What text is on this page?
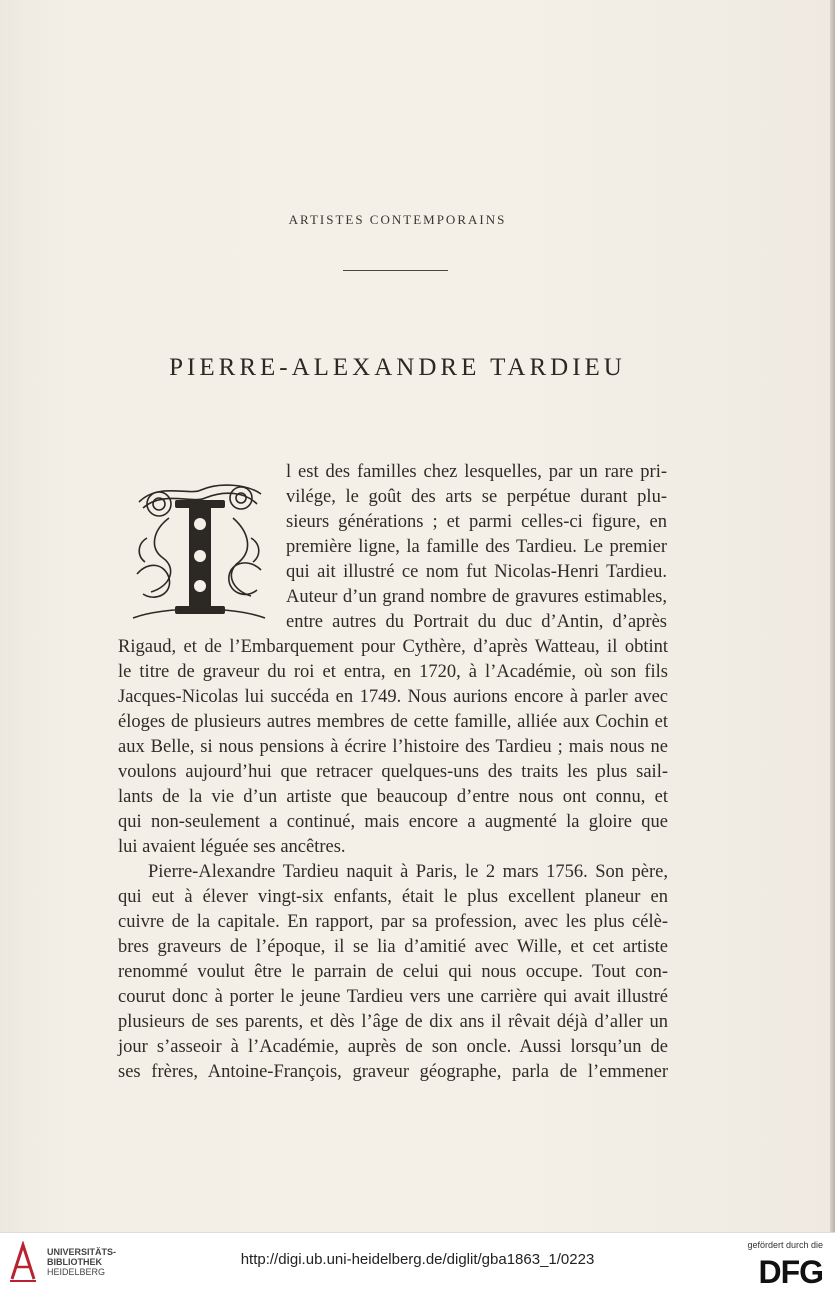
ARTISTES CONTEMPORAINS
PIERRE-ALEXANDRE TARDIEU
l est des familles chez lesquelles, par un rare pri-
vilége, le goût des arts se perpétue durant plu-
sieurs générations ; et parmi celles-ci figure, en
première ligne, la famille des Tardieu. Le premier
qui ait illustré ce nom fut Nicolas-Henri Tardieu.
Auteur d’un grand nombre de gravures estimables,
entre autres du Portrait du duc d’Antin, d’après
Rigaud, et de l’Embarquement pour Cythère, d’après Watteau, il obtint
le titre de graveur du roi et entra, en 1720, à l’Académie, où son fils
Jacques-Nicolas lui succéda en 1749. Nous aurions encore à parler avec
éloges de plusieurs autres membres de cette famille, alliée aux Cochin et
aux Belle, si nous pensions à écrire l’histoire des Tardieu ; mais nous ne
voulons aujourd’hui que retracer quelques-uns des traits les plus sail-
lants de la vie d’un artiste que beaucoup d’entre nous ont connu, et
qui non-seulement a continué, mais encore a augmenté la gloire que
lui avaient léguée ses ancêtres.
Pierre-Alexandre Tardieu naquit à Paris, le 2 mars 1756. Son père,
qui eut à élever vingt-six enfants, était le plus excellent planeur en
cuivre de la capitale. En rapport, par sa profession, avec les plus célè-
bres graveurs de l’époque, il se lia d’amitié avec Wille, et cet artiste
renommé voulut être le parrain de celui qui nous occupe. Tout con-
courut donc à porter le jeune Tardieu vers une carrière qui avait illustré
plusieurs de ses parents, et dès l’âge de dix ans il rêvait déjà d’aller un
jour s’asseoir à l’Académie, auprès de son oncle. Aussi lorsqu’un de
ses frères, Antoine-François, graveur géographe, parla de l’emmener
UNIVERSITÄTS-
BIBLIOTHEK
HEIDELBERG
http://digi.ub.uni-heidelberg.de/diglit/gba1863_1/0223
gefördert durch die
DFG
